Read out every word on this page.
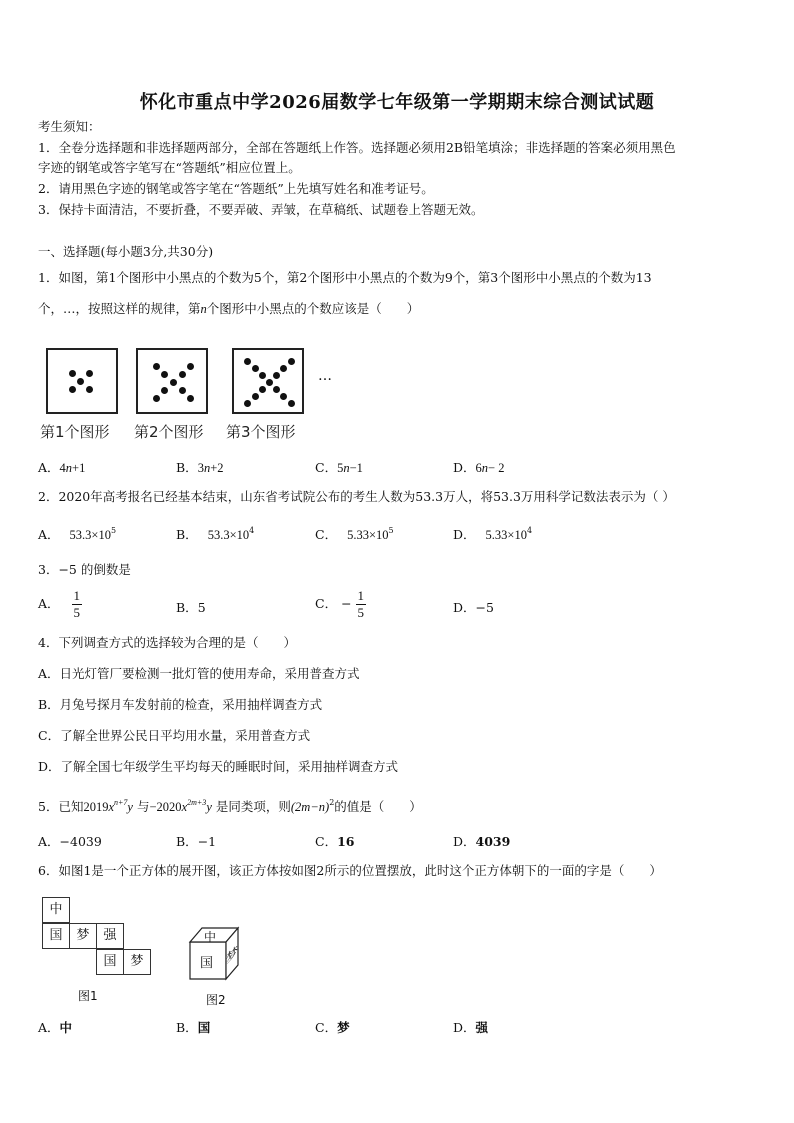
怀化市重点中学2026届数学七年级第一学期期末综合测试试题
考生须知：
1．全卷分选择题和非选择题两部分，全部在答题纸上作答。选择题必须用2B铅笔填涂；非选择题的答案必须用黑色
字迹的钢笔或答字笔写在“答题纸”相应位置上。
2．请用黑色字迹的钢笔或答字笔在“答题纸”上先填写姓名和准考证号。
3．保持卡面清洁，不要折叠，不要弄破、弄皱，在草稿纸、试题卷上答题无效。
一、选择题(每小题3分,共30分)
1．如图，第1个图形中小黑点的个数为5个，第2个图形中小黑点的个数为9个，第3个图形中小黑点的个数为13
个，…，按照这样的规律，第n个图形中小黑点的个数应该是（　　）
…
第1个图形 第2个图形 第3个图形
A．4n+1	B．3n+2	C．5n−1	D．6n− 2
2．2020年高考报名已经基本结束，山东省考试院公布的考生人数为53.3万人，将53.3万用科学记数法表示为（ ）
A． $53.3\times 10^5$	B． $53.3\times 10^4$	C． $5.33\times 10^5$	D． $5.33\times 10^4$
3．−5 的倒数是
A． $\frac{1}{5}$	B．5	C． − $\frac{1}{5}$	D．−5
4．下列调查方式的选择较为合理的是（　　）
A．日光灯管厂要检测一批灯管的使用寿命，采用普查方式
B．月兔号探月车发射前的检查，采用抽样调查方式
C．了解全世界公民日平均用水量，采用普查方式
D．了解全国七年级学生平均每天的睡眠时间，采用抽样调查方式
5．已知$2019x^{n+7}y$ 与$-2020x^{2m+3}y$ 是同类项，则$(2m-n)^2$的值是（　　）
A．−4039	B．−1	C．16	D．4039
6．如图1是一个正方体的展开图，该正方体按如图2所示的位置摆放，此时这个正方体朝下的一面的字是（　　）
中
国	梦	强
国	梦
图1
中
国 梦
图2
A．中	B．国	C．梦	D．强
